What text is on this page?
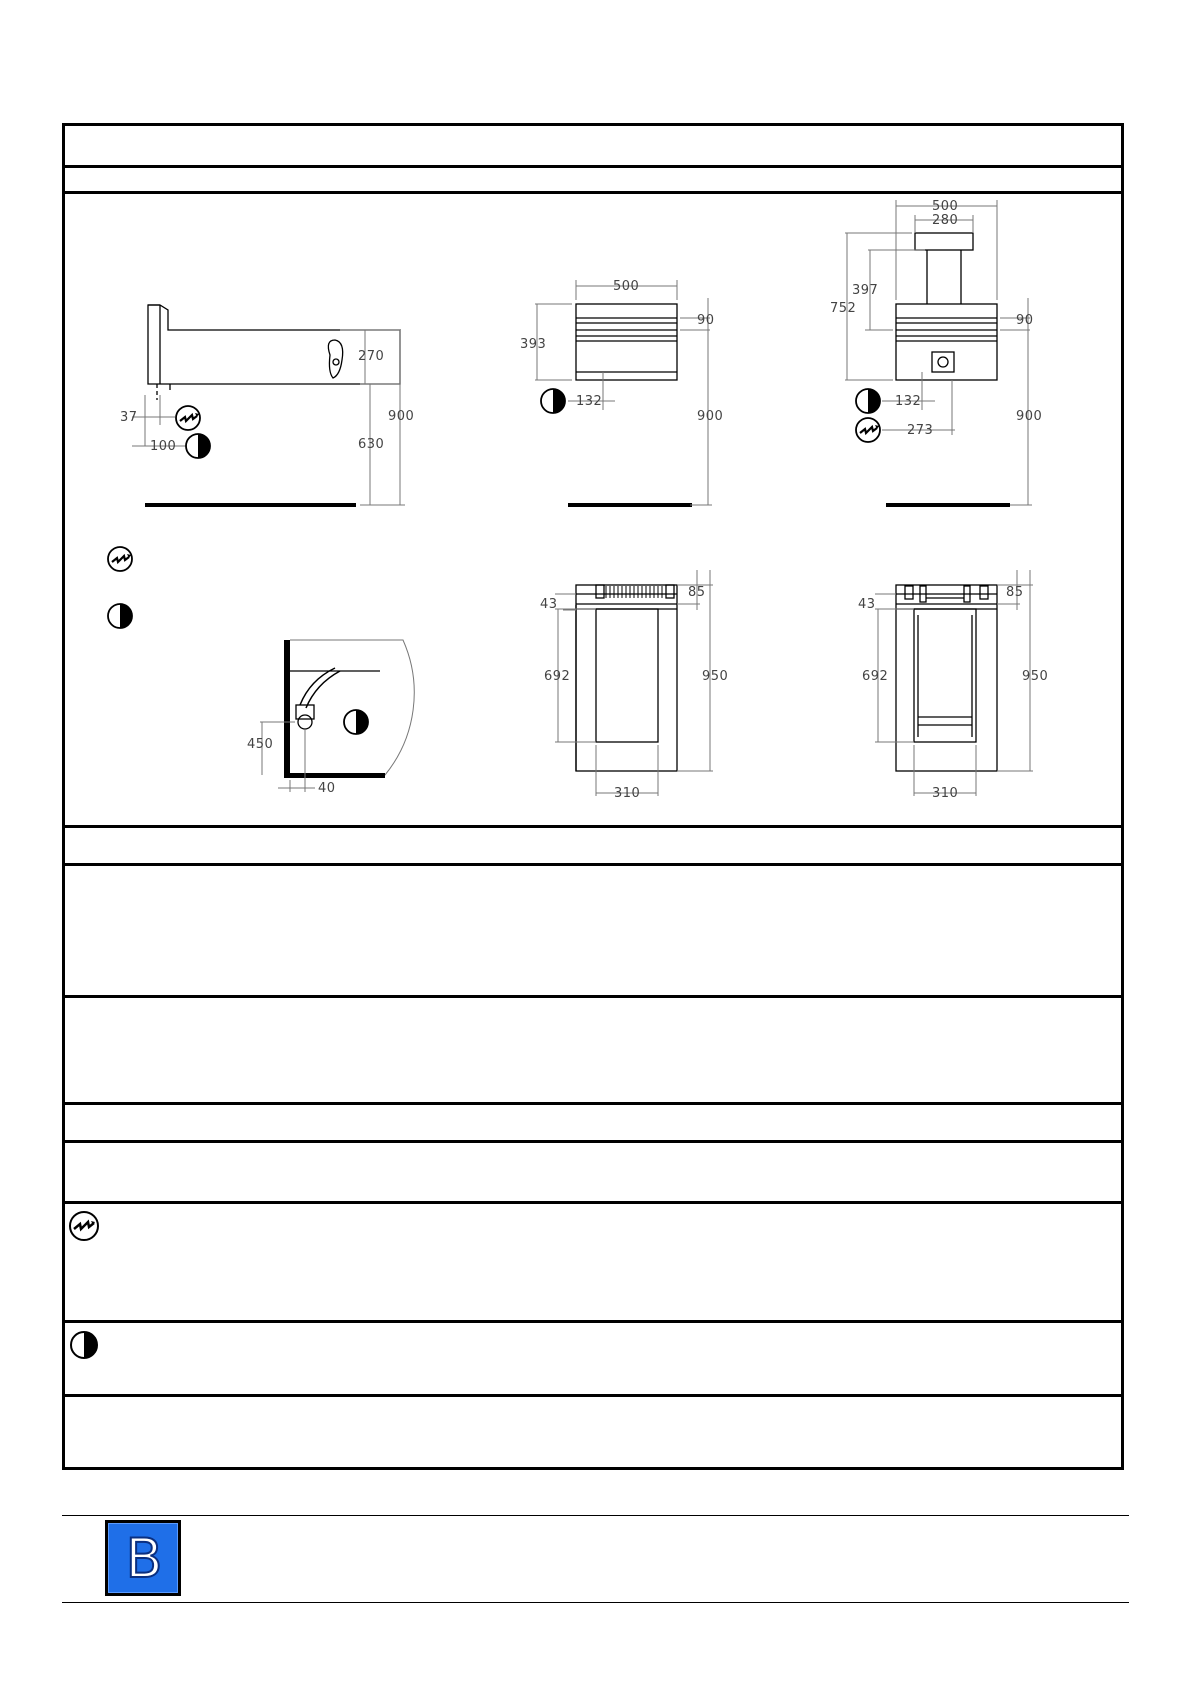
270
900
630
37
100
450
40
500
90
393
132
900
500
280
397
752
90
132
273
900
85
43
692	950
310
85
43
692	950
310
B
